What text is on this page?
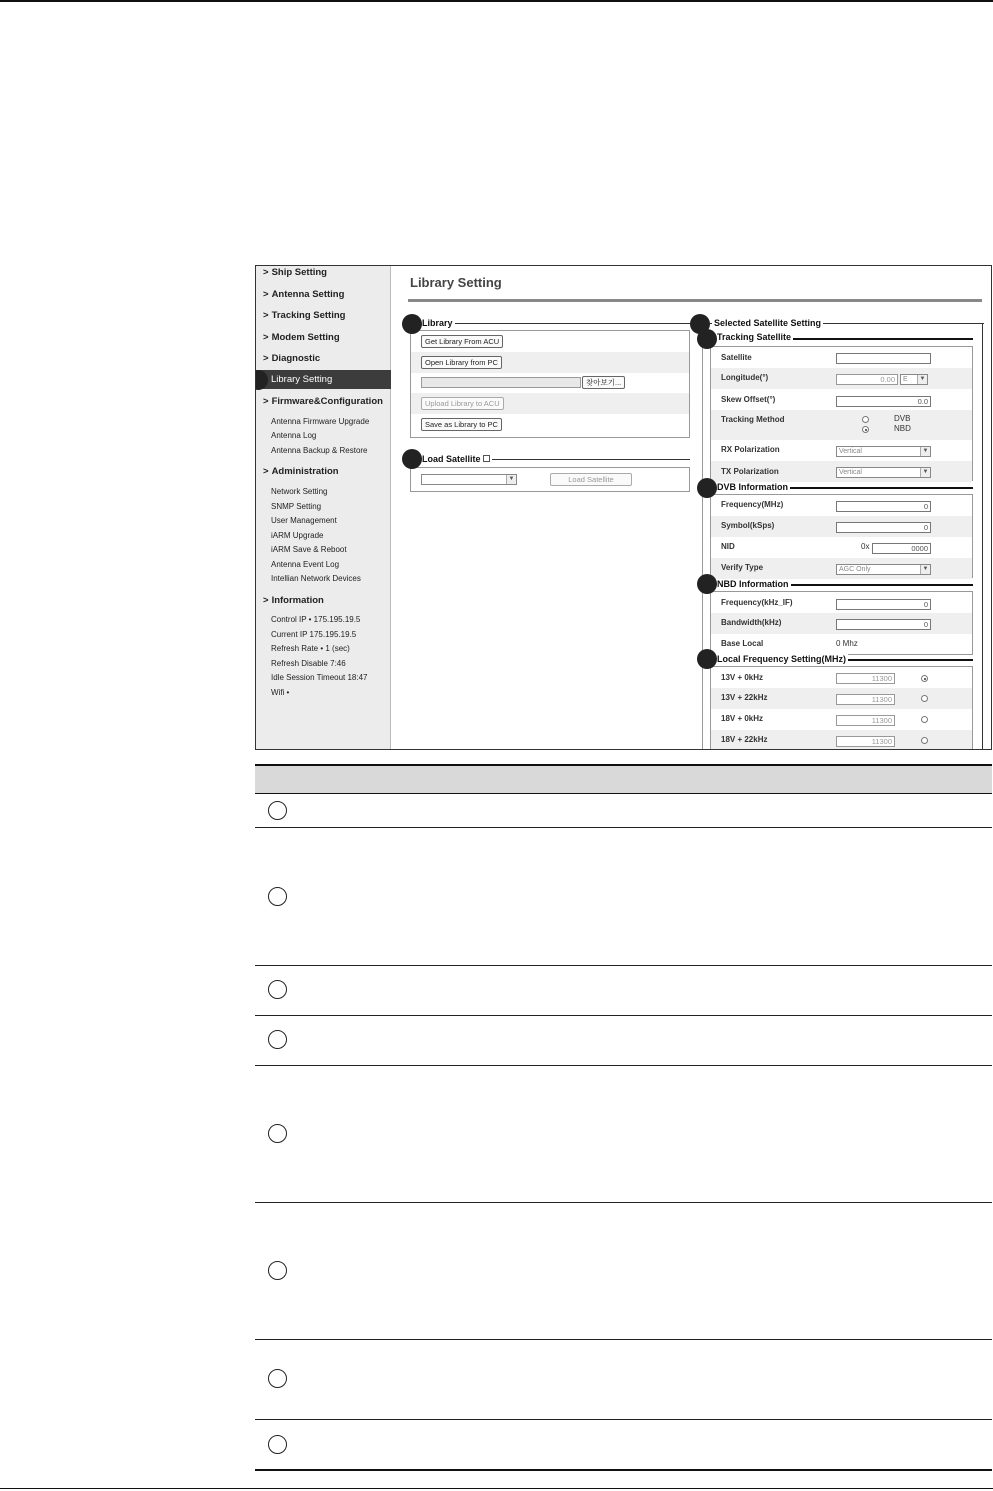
> Ship Setting
> Antenna Setting
> Tracking Setting
> Modem Setting
> Diagnostic
Library Setting
> Firmware&Configuration
Antenna Firmware Upgrade
Antenna Log
Antenna Backup & Restore
> Administration
Network Setting
SNMP Setting
User Management
iARM Upgrade
iARM Save & Reboot
Antenna Event Log
Intellian Network Devices
> Information
Control IP • 175.195.19.5
Current IP 175.195.19.5
Refresh Rate • 1 (sec)
Refresh Disable 7:46
Idle Session Timeout 18:47
Wifi •
Library Setting
Library
Get Library From ACU
Open Library from PC
찾아보기...
Upload Library to ACU
Save as Library to PC
Load Satellite
▼	Load Satellite
Selected Satellite Setting
Tracking Satellite
Satellite
Longitude(°)	0.00	E	▼
Skew Offset(°)	0.0
Tracking Method	DVB
NBD
RX Polarization	Vertical	▼
TX Polarization	Vertical	▼
DVB Information
Frequency(MHz)	0
Symbol(kSps)	0
NID	0x	0000
Verify Type	AGC Only	▼
NBD Information
Frequency(kHz_IF)	0
Bandwidth(kHz)	0
Base Local	0 Mhz
Local Frequency Setting(MHz)
13V + 0kHz	11300
13V + 22kHz	11300
18V + 0kHz	11300
18V + 22kHz	11300
